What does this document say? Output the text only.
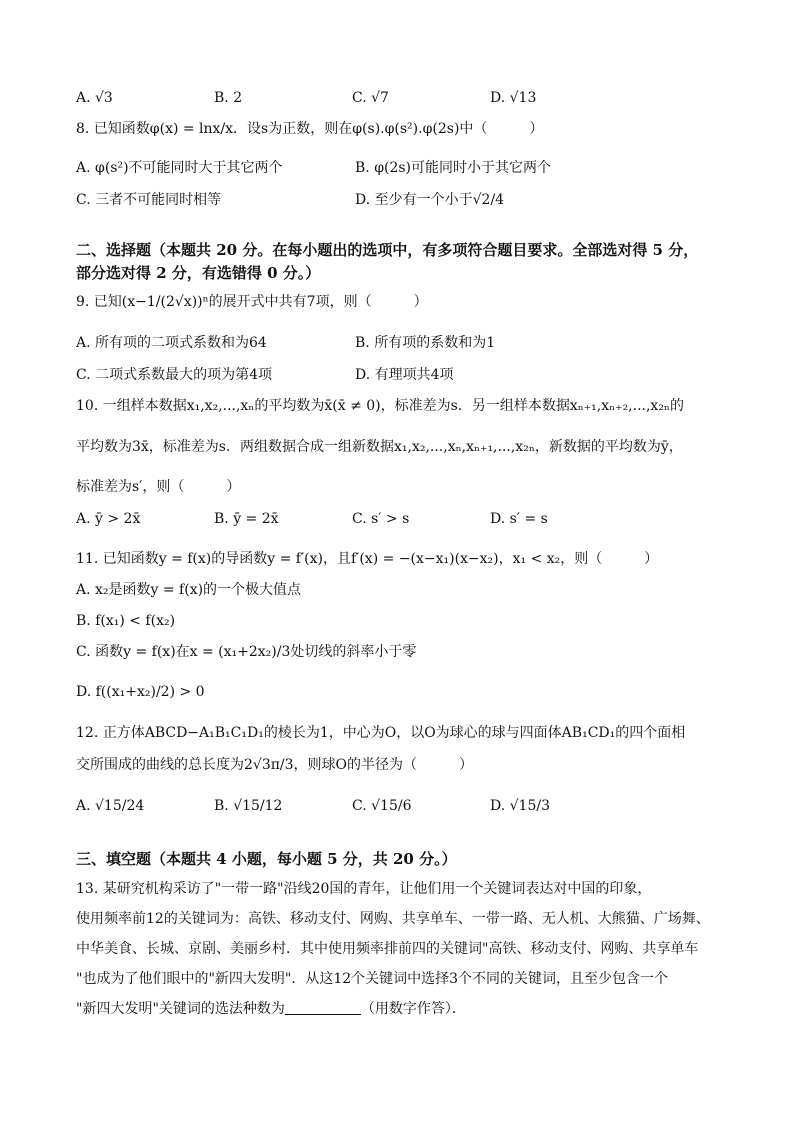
A. √3	B. 2	C. √7	D. √13
8. 已知函数φ(x) = lnx/x．设s为正数，则在φ(s).φ(s²).φ(2s)中（　　　）
A. φ(s²)不可能同时大于其它两个	B. φ(2s)可能同时小于其它两个
C. 三者不可能同时相等	D. 至少有一个小于√2/4
二、选择题（本题共 20 分。在每小题出的选项中，有多项符合题目要求。全部选对得 5 分，
部分选对得 2 分，有选错得 0 分。）
9. 已知(x−1/(2√x))ⁿ的展开式中共有7项，则（　　　）
A. 所有项的二项式系数和为64	B. 所有项的系数和为1
C. 二项式系数最大的项为第4项	D. 有理项共4项
10. 一组样本数据x₁,x₂,...,xₙ的平均数为x̄(x̄ ≠ 0)，标准差为s．另一组样本数据xₙ₊₁,xₙ₊₂,...,x₂ₙ的
平均数为3x̄，标准差为s．两组数据合成一组新数据x₁,x₂,...,xₙ,xₙ₊₁,...,x₂ₙ，新数据的平均数为ȳ，
标准差为s′，则（　　　）
A. ȳ > 2x̄	B. ȳ = 2x̄	C. s′ > s	D. s′ = s
11. 已知函数y = f(x)的导函数y = f′(x)，且f′(x) = −(x−x₁)(x−x₂)，x₁ < x₂，则（　　　）
A. x₂是函数y = f(x)的一个极大值点
B. f(x₁) < f(x₂)
C. 函数y = f(x)在x = (x₁+2x₂)/3处切线的斜率小于零
D. f((x₁+x₂)/2) > 0
12. 正方体ABCD−A₁B₁C₁D₁的棱长为1，中心为O，以O为球心的球与四面体AB₁CD₁的四个面相
交所围成的曲线的总长度为2√3π/3，则球O的半径为（　　　）
A. √15/24	B. √15/12	C. √15/6	D. √15/3
三、填空题（本题共 4 小题，每小题 5 分，共 20 分。）
13. 某研究机构采访了"一带一路"沿线20国的青年，让他们用一个关键词表达对中国的印象，
使用频率前12的关键词为：高铁、移动支付、网购、共享单车、一带一路、无人机、大熊猫、广场舞、
中华美食、长城、京剧、美丽乡村．其中使用频率排前四的关键词"高铁、移动支付、网购、共享单车
"也成为了他们眼中的"新四大发明"．从这12个关键词中选择3个不同的关键词，且至少包含一个
"新四大发明"关键词的选法种数为	（用数字作答）．
